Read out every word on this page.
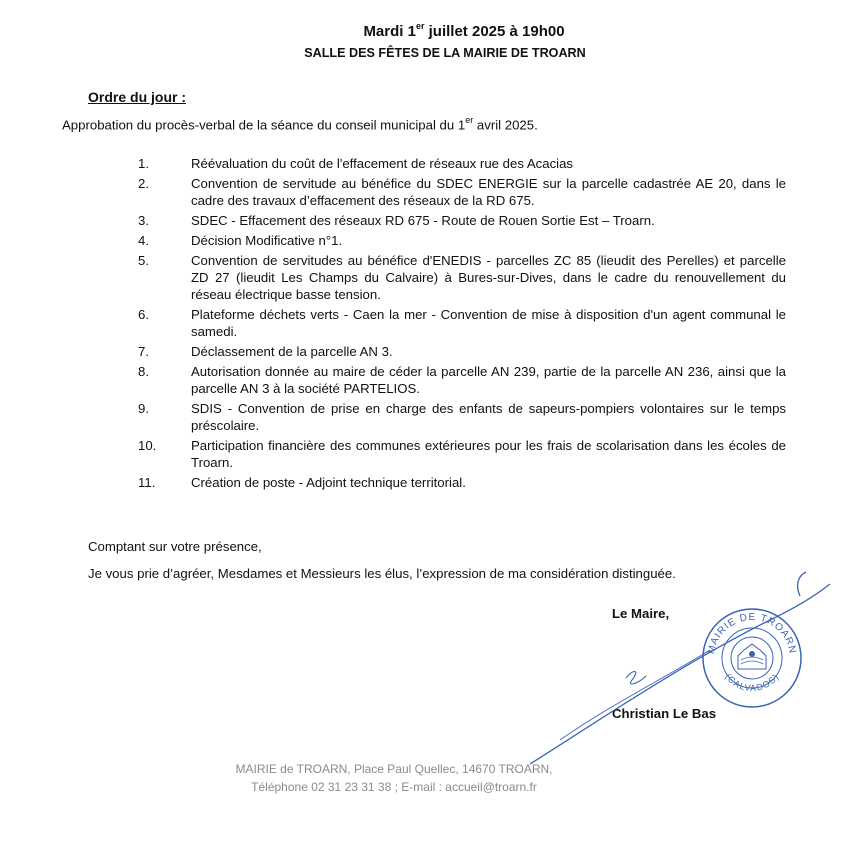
Mardi 1er juillet 2025 à 19h00
SALLE DES FÊTES DE LA MAIRIE DE TROARN
Ordre du jour :
Approbation du procès-verbal de la séance du conseil municipal du 1er avril 2025.
1.	Réévaluation du coût de l'effacement de réseaux rue des Acacias
2.	Convention de servitude au bénéfice du SDEC ENERGIE sur la parcelle cadastrée AE 20, dans le cadre des travaux d’effacement des réseaux de la RD 675.
3.	SDEC - Effacement des réseaux RD 675 - Route de Rouen Sortie Est – Troarn.
4.	Décision Modificative n°1.
5.	Convention de servitudes au bénéfice d'ENEDIS - parcelles ZC 85 (lieudit des Perelles) et parcelle ZD 27 (lieudit Les Champs du Calvaire) à Bures-sur-Dives, dans le cadre du renouvellement du réseau électrique basse tension.
6.	Plateforme déchets verts - Caen la mer - Convention de mise à disposition d'un agent communal le samedi.
7.	Déclassement de la parcelle AN 3.
8.	Autorisation donnée au maire de céder la parcelle AN 239, partie de la parcelle AN 236, ainsi que la parcelle AN 3 à la société PARTELIOS.
9.	SDIS - Convention de prise en charge des enfants de sapeurs-pompiers volontaires sur le temps préscolaire.
10.	Participation financière des communes extérieures pour les frais de scolarisation dans les écoles de Troarn.
11.	Création de poste - Adjoint technique territorial.
Comptant sur votre présence,
Je vous prie d’agréer, Mesdames et Messieurs les élus, l’expression de ma considération distinguée.
Le Maire,
Christian Le Bas
MAIRIE DE TROARN
(CALVADOS)
MAIRIE de TROARN, Place Paul Quellec, 14670 TROARN,
Téléphone 02 31 23 31 38 ; E-mail : accueil@troarn.fr
